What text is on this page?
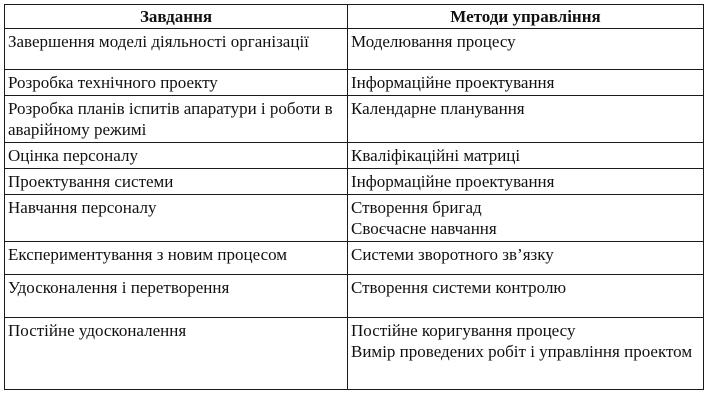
Завдання	Методи управління
Завершення моделі діяльності організації	Моделювання процесу

Розробка технічного проекту	Інформаційне проектування

Розробка планів іспитів апаратури і роботи в аварійному режимі	Календарне планування

Оцінка персоналу	Кваліфікаційні матриці

Проектування системи	Інформаційне проектування

Навчання персоналу	Створення бригад
Своєчасне навчання

Експериментування з новим процесом	Системи зворотного зв’язку

Удосконалення і перетворення	Створення системи контролю

Постійне удосконалення	Постійне коригування процесу
Вимір проведених робіт і управління проектом
